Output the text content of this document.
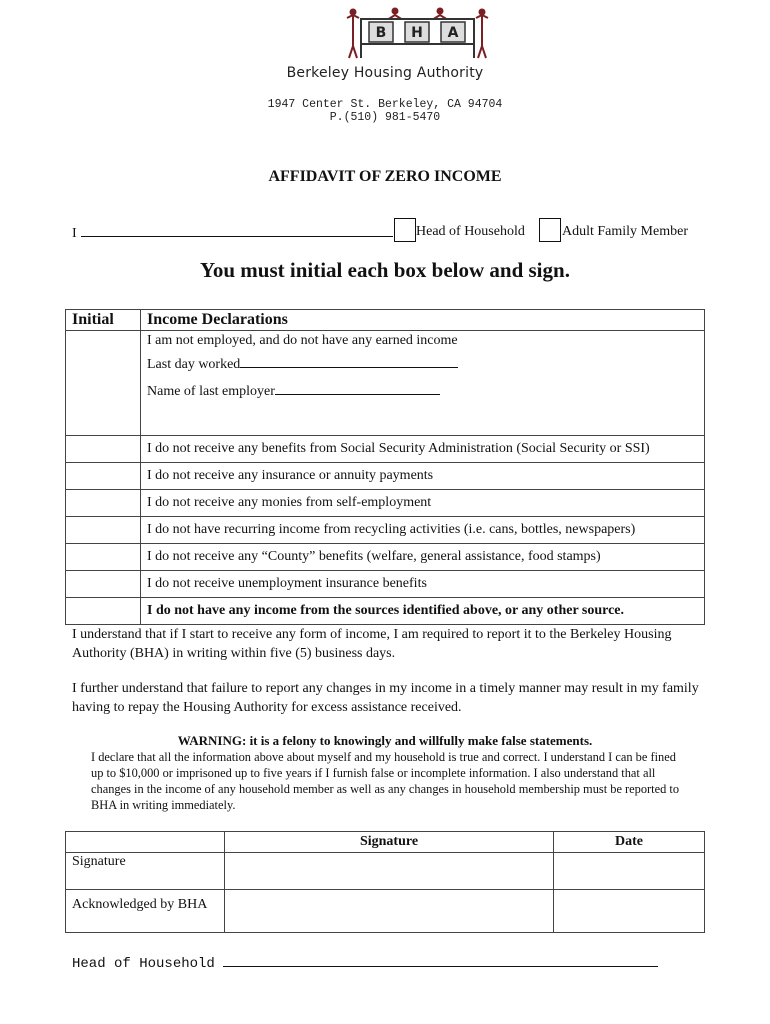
B H A
Berkeley Housing Authority
1947 Center St. Berkeley, CA 94704
P.(510) 981-5470
AFFIDAVIT OF ZERO INCOME
I	Head of Household	Adult Family Member
You must initial each box below and sign.
Initial	Income Declarations

	I am not employed, and do not have any earned income
Last day worked
Name of last employer

	I do not receive any benefits from Social Security Administration (Social Security or SSI)
	I do not receive any insurance or annuity payments
	I do not receive any monies from self-employment
	I do not have recurring income from recycling activities (i.e. cans, bottles, newspapers)
	I do not receive any “County” benefits (welfare, general assistance, food stamps)
	I do not receive unemployment insurance benefits
	I do not have any income from the sources identified above, or any other source.
I understand that if I start to receive any form of income, I am required to report it to the Berkeley Housing Authority (BHA) in writing within five (5) business days.
I further understand that failure to report any changes in my income in a timely manner may result in my family having to repay the Housing Authority for excess assistance received.
WARNING: it is a felony to knowingly and willfully make false statements.
I declare that all the information above about myself and my household is true and correct. I understand I can be fined up to $10,000 or imprisoned up to five years if I furnish false or incomplete information. I also understand that all changes in the income of any household member as well as any changes in household membership must be reported to BHA in writing immediately.
	Signature	Date
Signature		
Acknowledged by BHA		
Head of Household
